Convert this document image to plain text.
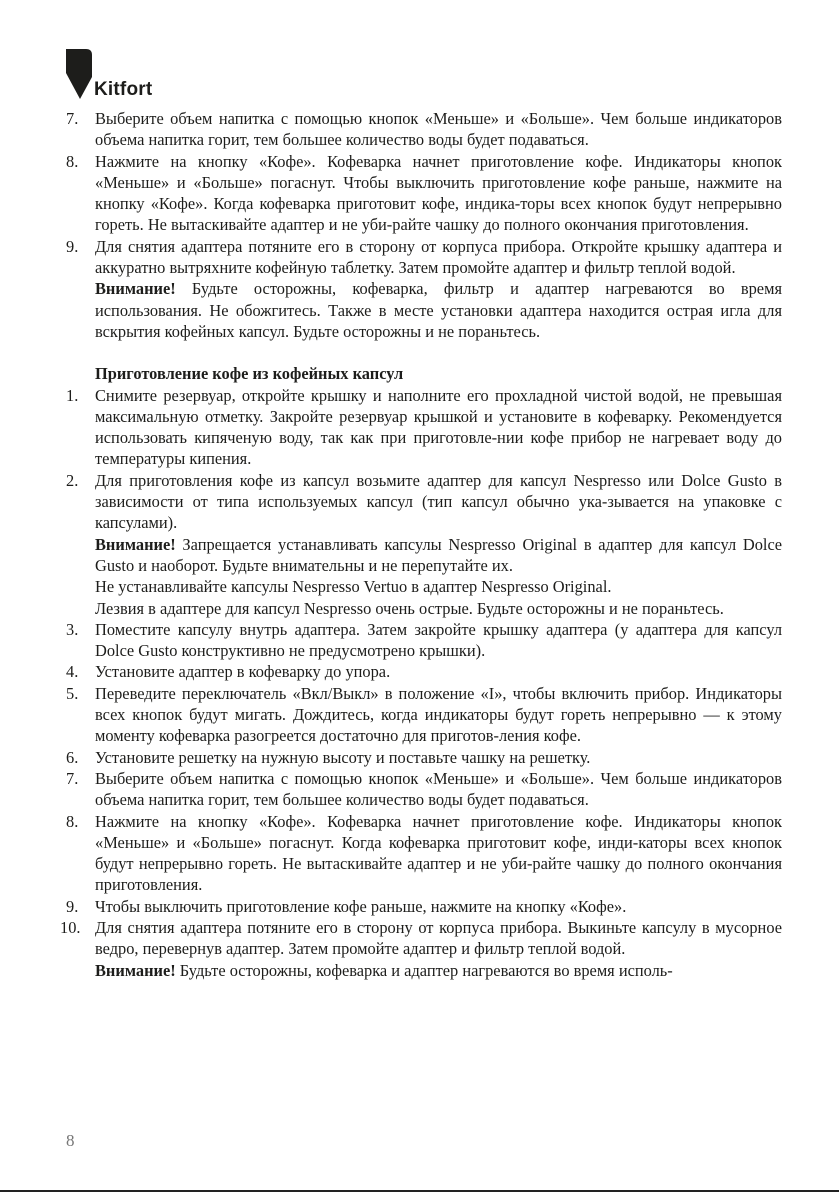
Kitfort
7. Выберите объем напитка с помощью кнопок «Меньше» и «Больше». Чем больше индикаторов объема напитка горит, тем большее количество воды будет подаваться.
8. Нажмите на кнопку «Кофе». Кофеварка начнет приготовление кофе. Индикаторы кнопок «Меньше» и «Больше» погаснут. Чтобы выключить приготовление кофе раньше, нажмите на кнопку «Кофе». Когда кофеварка приготовит кофе, индика-торы всех кнопок будут непрерывно гореть. Не вытаскивайте адаптер и не уби-райте чашку до полного окончания приготовления.
9. Для снятия адаптера потяните его в сторону от корпуса прибора. Откройте крышку адаптера и аккуратно вытряхните кофейную таблетку. Затем промойте адаптер и фильтр теплой водой.
Внимание! Будьте осторожны, кофеварка, фильтр и адаптер нагреваются во время использования. Не обожгитесь. Также в месте установки адаптера находится острая игла для вскрытия кофейных капсул. Будьте осторожны и не пораньтесь.
Приготовление кофе из кофейных капсул
1. Снимите резервуар, откройте крышку и наполните его прохладной чистой водой, не превышая максимальную отметку. Закройте резервуар крышкой и установите в кофеварку. Рекомендуется использовать кипяченую воду, так как при приготовле-нии кофе прибор не нагревает воду до температуры кипения.
2. Для приготовления кофе из капсул возьмите адаптер для капсул Nespresso или Dolce Gusto в зависимости от типа используемых капсул (тип капсул обычно ука-зывается на упаковке с капсулами).
Внимание! Запрещается устанавливать капсулы Nespresso Original в адаптер для капсул Dolce Gusto и наоборот. Будьте внимательны и не перепутайте их.
Не устанавливайте капсулы Nespresso Vertuo в адаптер Nespresso Original.
Лезвия в адаптере для капсул Nespresso очень острые. Будьте осторожны и не пораньтесь.
3. Поместите капсулу внутрь адаптера. Затем закройте крышку адаптера (у адаптера для капсул Dolce Gusto конструктивно не предусмотрено крышки).
4. Установите адаптер в кофеварку до упора.
5. Переведите переключатель «Вкл/Выкл» в положение «I», чтобы включить прибор. Индикаторы всех кнопок будут мигать. Дождитесь, когда индикаторы будут гореть непрерывно — к этому моменту кофеварка разогреется достаточно для приготов-ления кофе.
6. Установите решетку на нужную высоту и поставьте чашку на решетку.
7. Выберите объем напитка с помощью кнопок «Меньше» и «Больше». Чем больше индикаторов объема напитка горит, тем большее количество воды будет подаваться.
8. Нажмите на кнопку «Кофе». Кофеварка начнет приготовление кофе. Индикаторы кнопок «Меньше» и «Больше» погаснут. Когда кофеварка приготовит кофе, инди-каторы всех кнопок будут непрерывно гореть. Не вытаскивайте адаптер и не уби-райте чашку до полного окончания приготовления.
9. Чтобы выключить приготовление кофе раньше, нажмите на кнопку «Кофе».
10. Для снятия адаптера потяните его в сторону от корпуса прибора. Выкиньте капсулу в мусорное ведро, перевернув адаптер. Затем промойте адаптер и фильтр теплой водой.
Внимание! Будьте осторожны, кофеварка и адаптер нагреваются во время исполь-
8
